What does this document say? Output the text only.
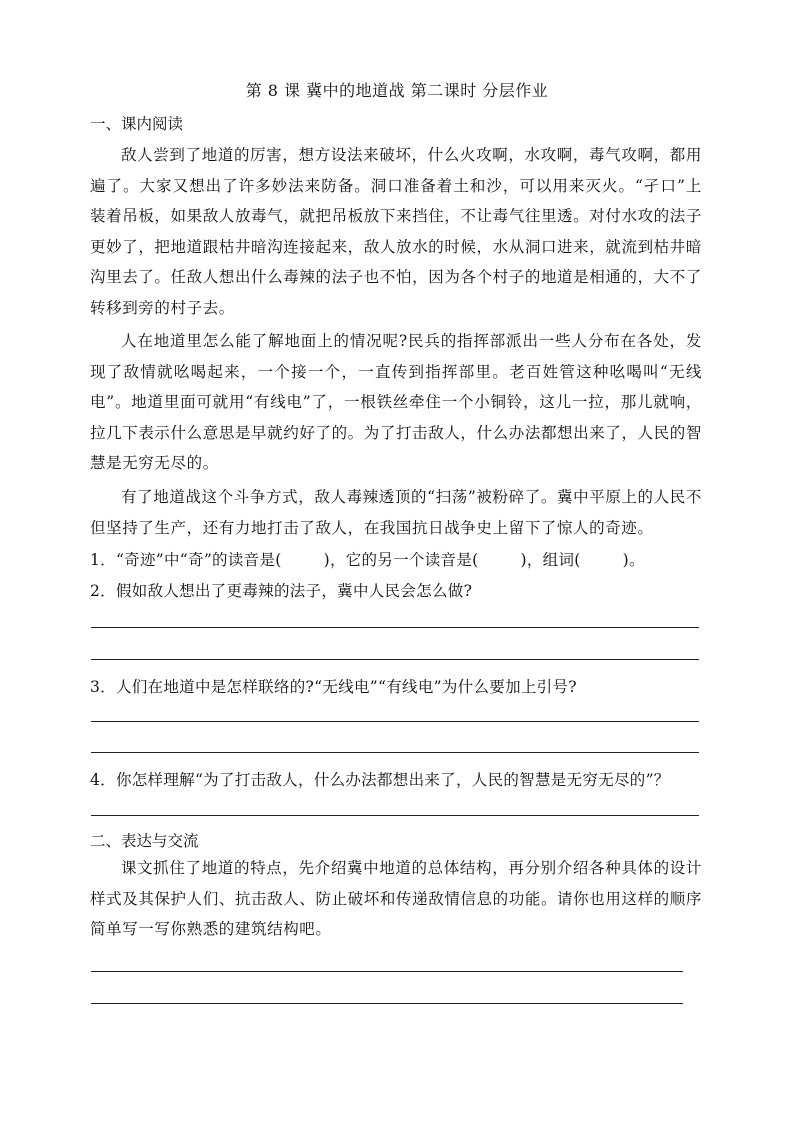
第 8 课 冀中的地道战 第二课时 分层作业
一、课内阅读

敌人尝到了地道的厉害，想方设法来破坏，什么火攻啊，水攻啊，毒气攻啊，都用遍了。大家又想出了许多妙法来防备。洞口准备着土和沙，可以用来灭火。“孑口”上装着吊板，如果敌人放毒气，就把吊板放下来挡住，不让毒气往里透。对付水攻的法子更妙了，把地道跟枯井暗沟连接起来，敌人放水的时候，水从洞口进来，就流到枯井暗沟里去了。任敌人想出什么毒辣的法子也不怕，因为各个村子的地道是相通的，大不了转移到旁的村子去。

人在地道里怎么能了解地面上的情况呢?民兵的指挥部派出一些人分布在各处，发现了敌情就吆喝起来，一个接一个，一直传到指挥部里。老百姓管这种吆喝叫“无线电”。地道里面可就用“有线电”了，一根铁丝牵住一个小铜铃，这儿一拉，那儿就响，拉几下表示什么意思是早就约好了的。为了打击敌人，什么办法都想出来了，人民的智慧是无穷无尽的。

有了地道战这个斗争方式，敌人毒辣透顶的“扫荡”被粉碎了。冀中平原上的人民不但坚持了生产，还有力地打击了敌人，在我国抗日战争史上留下了惊人的奇迹。

1．“奇迹”中“奇”的读音是(	)，它的另一个读音是(	)，组词(	)。
2．假如敌人想出了更毒辣的法子，冀中人民会怎么做?
3．人们在地道中是怎样联络的?“无线电”“有线电”为什么要加上引号?
4．你怎样理解“为了打击敌人，什么办法都想出来了，人民的智慧是无穷无尽的”？
二、表达与交流

课文抓住了地道的特点，先介绍冀中地道的总体结构，再分别介绍各种具体的设计样式及其保护人们、抗击敌人、防止破坏和传递敌情信息的功能。请你也用这样的顺序简单写一写你熟悉的建筑结构吧。
